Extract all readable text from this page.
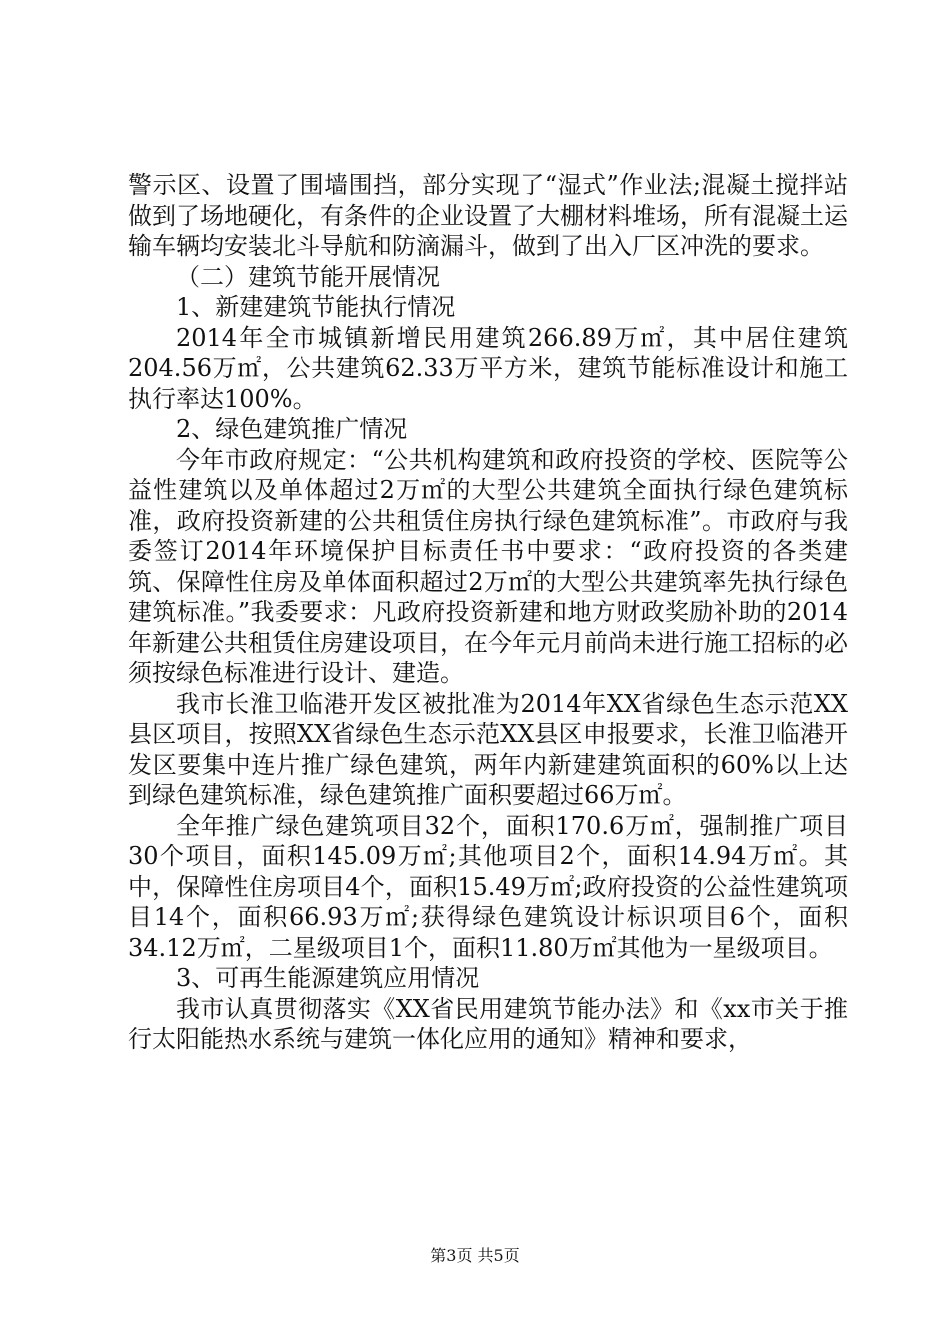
警示区、设置了围墙围挡，部分实现了“湿式”作业法;混凝土搅拌站做到了场地硬化，有条件的企业设置了大棚材料堆场，所有混凝土运输车辆均安装北斗导航和防滴漏斗，做到了出入厂区冲洗的要求。

（二）建筑节能开展情况

1、新建建筑节能执行情况

2014年全市城镇新增民用建筑266.89万㎡，其中居住建筑204.56万㎡，公共建筑62.33万平方米，建筑节能标准设计和施工执行率达100%。

2、绿色建筑推广情况

今年市政府规定：“公共机构建筑和政府投资的学校、医院等公益性建筑以及单体超过2万㎡的大型公共建筑全面执行绿色建筑标准，政府投资新建的公共租赁住房执行绿色建筑标准”。市政府与我委签订2014年环境保护目标责任书中要求：“政府投资的各类建筑、保障性住房及单体面积超过2万㎡的大型公共建筑率先执行绿色建筑标准。”我委要求：凡政府投资新建和地方财政奖励补助的2014年新建公共租赁住房建设项目，在今年元月前尚未进行施工招标的必须按绿色标准进行设计、建造。

我市长淮卫临港开发区被批准为2014年XX省绿色生态示范XX县区项目，按照XX省绿色生态示范XX县区申报要求，长淮卫临港开发区要集中连片推广绿色建筑，两年内新建建筑面积的60%以上达到绿色建筑标准，绿色建筑推广面积要超过66万㎡。

全年推广绿色建筑项目32个，面积170.6万㎡，强制推广项目30个项目，面积145.09万㎡;其他项目2个，面积14.94万㎡。其中，保障性住房项目4个，面积15.49万㎡;政府投资的公益性建筑项目14个，面积66.93万㎡;获得绿色建筑设计标识项目6个，面积34.12万㎡，二星级项目1个，面积11.80万㎡其他为一星级项目。

3、可再生能源建筑应用情况

我市认真贯彻落实《XX省民用建筑节能办法》和《xx市关于推行太阳能热水系统与建筑一体化应用的通知》精神和要求，

第3页 共5页
